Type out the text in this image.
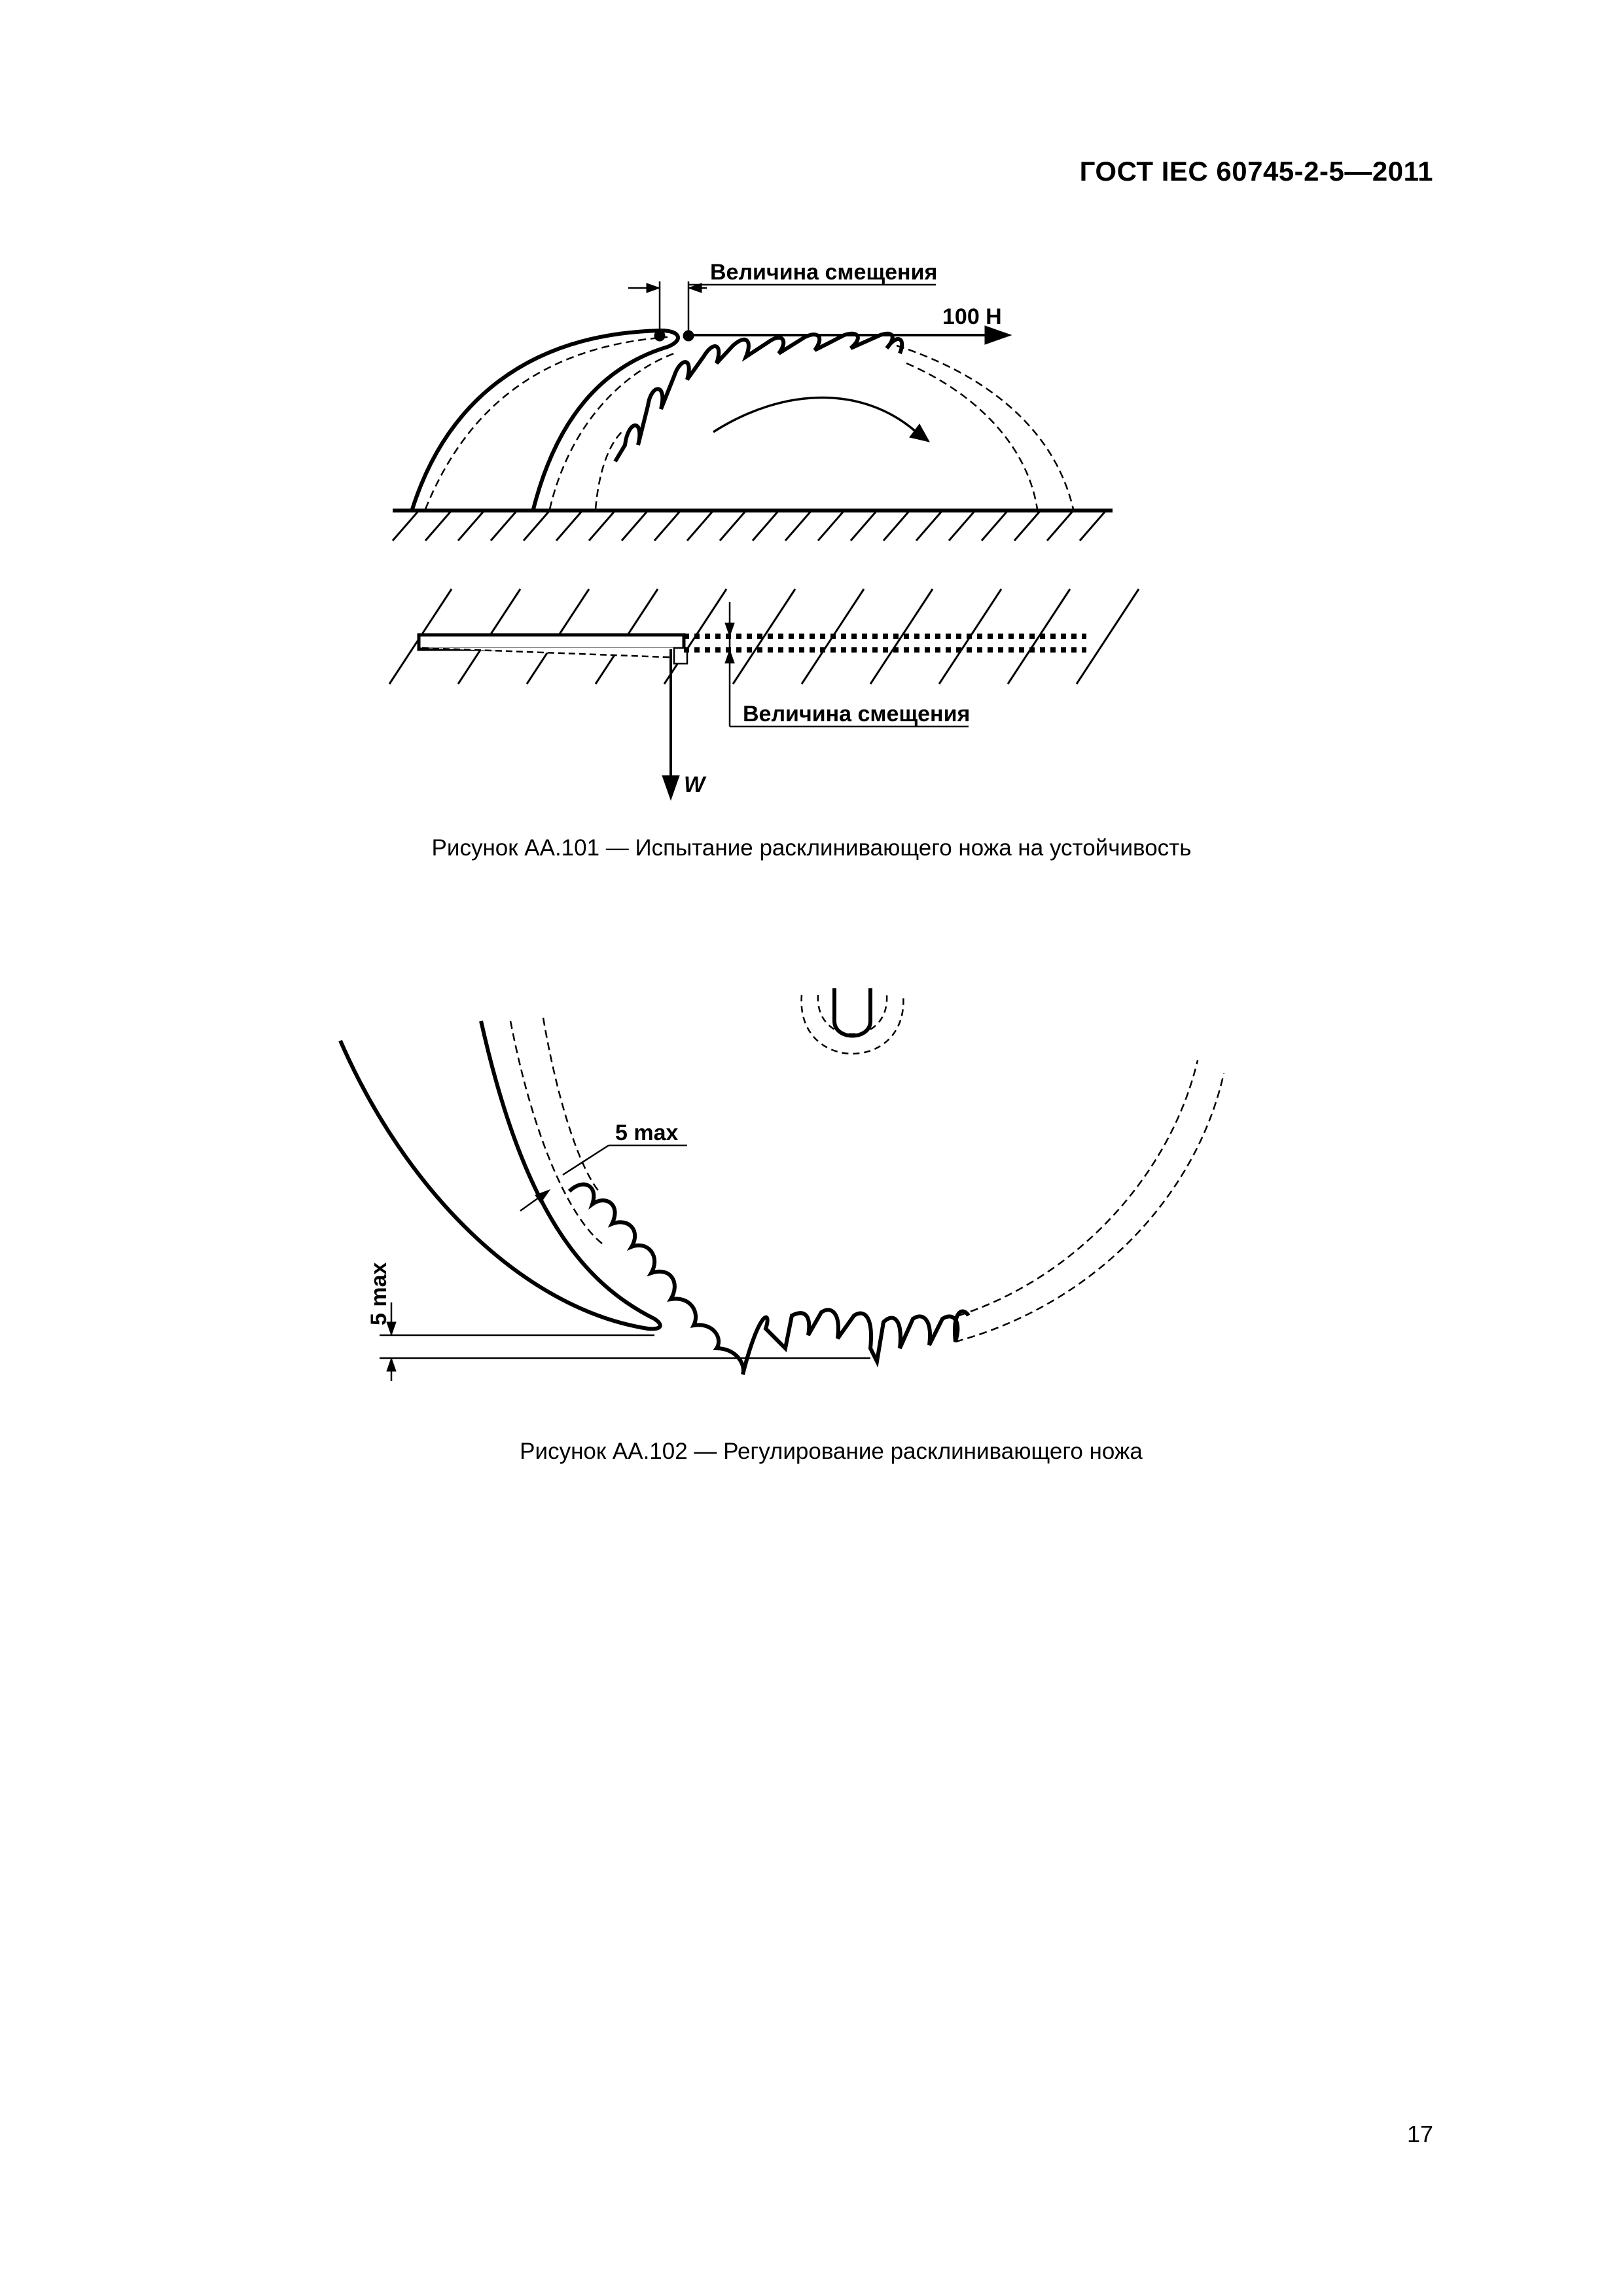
ГОСТ IEC 60745-2-5—2011
Величина смещения
100 Н
Величина смещения
W
Рисунок АА.101 — Испытание расклинивающего ножа на устойчивость
5 max
5 max
Рисунок АА.102 — Регулирование расклинивающего ножа
17
